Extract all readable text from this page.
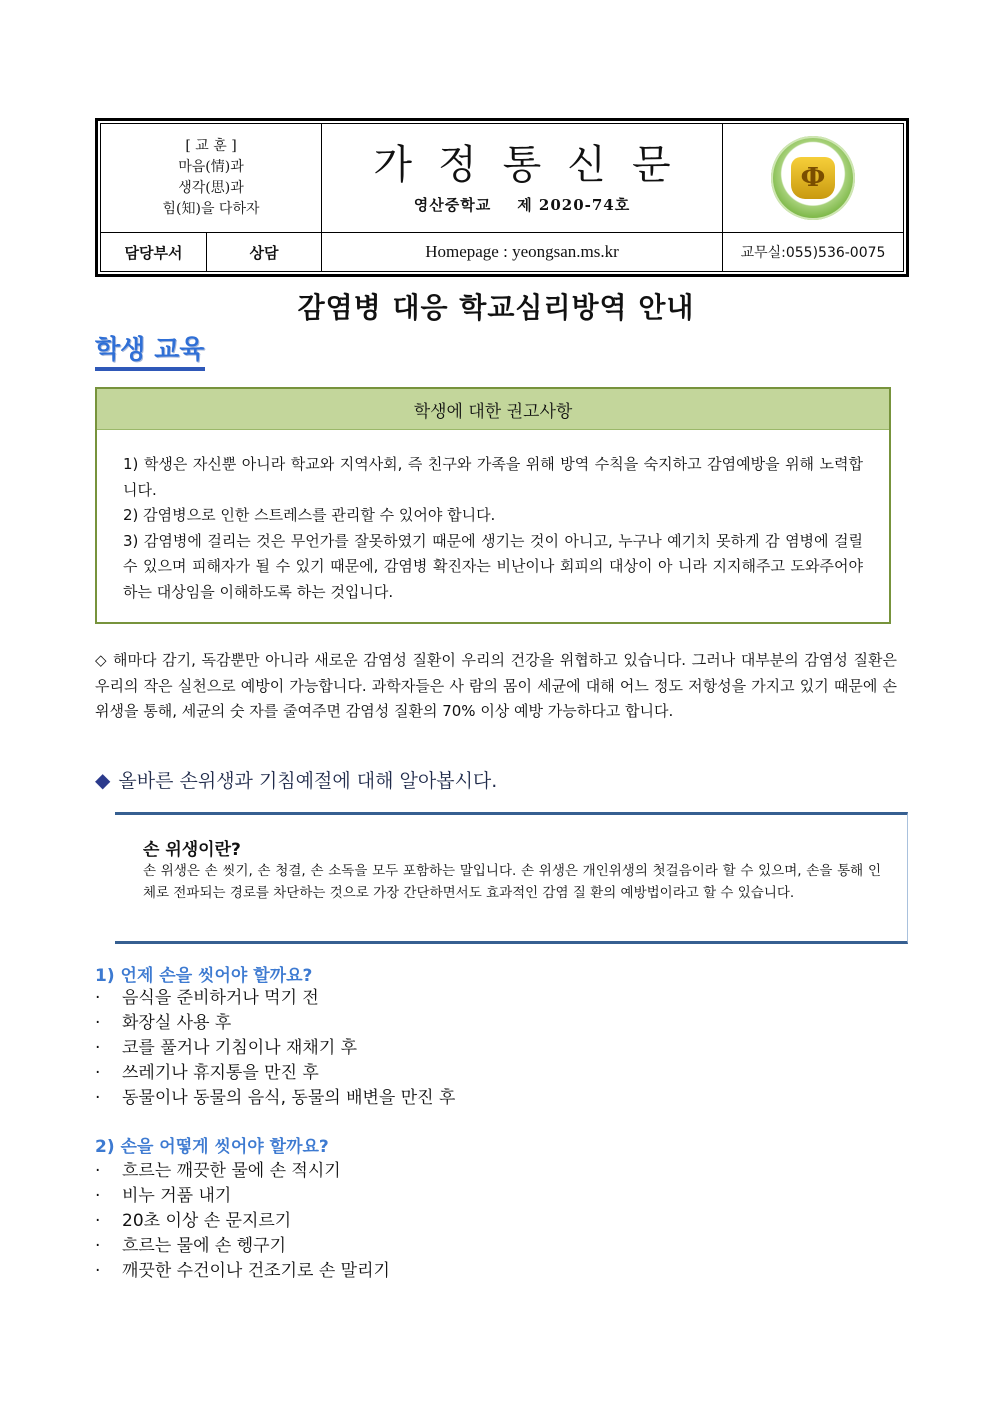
[ 교 훈 ]
마음(情)과
생각(思)과
힘(知)을 다하자
가정통신문
영산중학교 제 2020-74호
Ф
담당부서	상담	Homepage : yeongsan.ms.kr	교무실:055)536-0075
감염병 대응 학교심리방역 안내
학생 교육
학생에 대한 권고사항

1) 학생은 자신뿐 아니라 학교와 지역사회, 즉 친구와 가족을 위해 방역 수칙을 숙지하고 감염예방을 위해 노력합니다.

2) 감염병으로 인한 스트레스를 관리할 수 있어야 합니다.

3) 감염병에 걸리는 것은 무언가를 잘못하였기 때문에 생기는 것이 아니고, 누구나 예기치 못하게 감 염병에 걸릴 수 있으며 피해자가 될 수 있기 때문에, 감염병 확진자는 비난이나 회피의 대상이 아 니라 지지해주고 도와주어야 하는 대상임을 이해하도록 하는 것입니다.

◇ 해마다 감기, 독감뿐만 아니라 새로운 감염성 질환이 우리의 건강을 위협하고 있습니다. 그러나 대부분의 감염성 질환은 우리의 작은 실천으로 예방이 가능합니다. 과학자들은 사 람의 몸이 세균에 대해 어느 정도 저항성을 가지고 있기 때문에 손 위생을 통해, 세균의 숫 자를 줄여주면 감염성 질환의 70% 이상 예방 가능하다고 합니다.
◆ 올바른 손위생과 기침예절에 대해 알아봅시다.
손 위생이란?
손 위생은 손 씻기, 손 청결, 손 소독을 모두 포함하는 말입니다. 손 위생은 개인위생의 첫걸음이라 할 수 있으며, 손을 통해 인체로 전파되는 경로를 차단하는 것으로 가장 간단하면서도 효과적인 감염 질 환의 예방법이라고 할 수 있습니다.
1) 언제 손을 씻어야 할까요?
·	음식을 준비하거나 먹기 전
·	화장실 사용 후
·	코를 풀거나 기침이나 재채기 후
·	쓰레기나 휴지통을 만진 후
·	동물이나 동물의 음식, 동물의 배변을 만진 후
2) 손을 어떻게 씻어야 할까요?
·	흐르는 깨끗한 물에 손 적시기
·	비누 거품 내기
·	20초 이상 손 문지르기
·	흐르는 물에 손 헹구기
·	깨끗한 수건이나 건조기로 손 말리기
